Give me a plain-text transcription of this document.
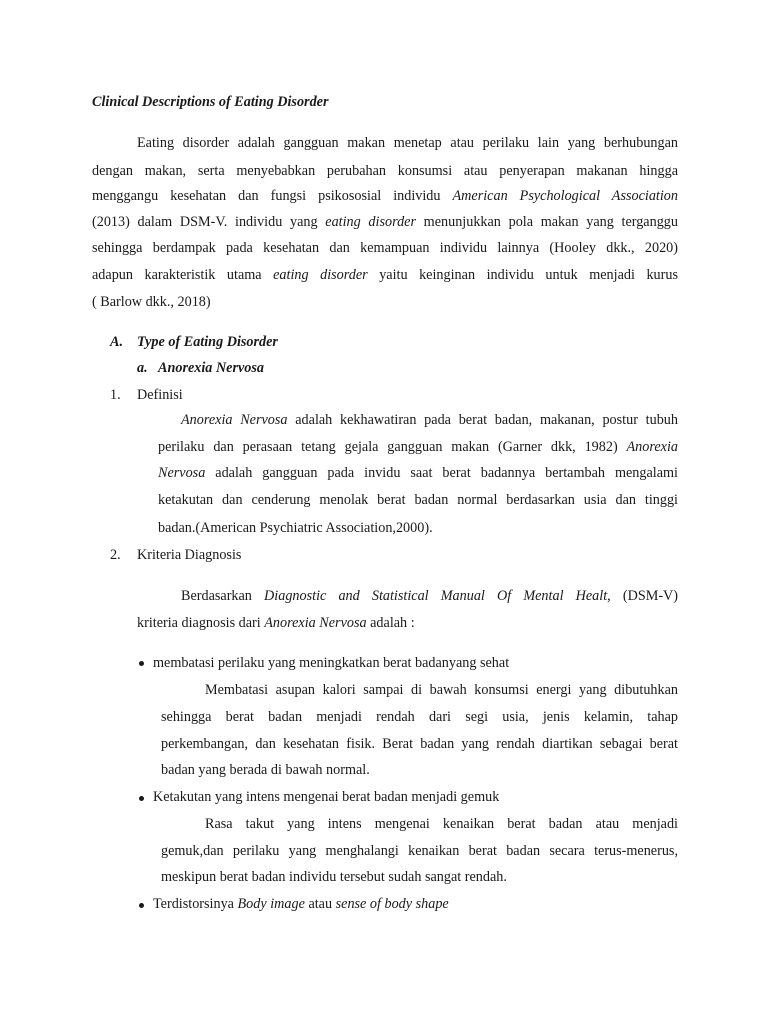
Clinical Descriptions of Eating Disorder
Eating disorder adalah gangguan makan menetap atau perilaku lain yang berhubungan
dengan makan, serta menyebabkan perubahan konsumsi atau penyerapan makanan hingga
menggangu kesehatan dan fungsi psikososial individu American Psychological Association
(2013) dalam DSM-V. individu yang eating disorder menunjukkan pola makan yang terganggu
sehingga berdampak pada kesehatan dan kemampuan individu lainnya (Hooley dkk., 2020)
adapun karakteristik utama eating disorder yaitu keinginan individu untuk menjadi kurus
( Barlow dkk., 2018)
A. Type of Eating Disorder
a. Anorexia Nervosa
1. Definisi
Anorexia Nervosa adalah kekhawatiran pada berat badan, makanan, postur tubuh
perilaku dan perasaan tetang gejala gangguan makan (Garner dkk, 1982) Anorexia
Nervosa adalah gangguan pada invidu saat berat badannya bertambah mengalami
ketakutan dan cenderung menolak berat badan normal berdasarkan usia dan tinggi
badan.(American Psychiatric Association,2000).
2. Kriteria Diagnosis
Berdasarkan Diagnostic and Statistical Manual Of Mental Healt, (DSM-V)
kriteria diagnosis dari Anorexia Nervosa adalah :
membatasi perilaku yang meningkatkan berat badanyang sehat
Membatasi asupan kalori sampai di bawah konsumsi energi yang dibutuhkan
sehingga berat badan menjadi rendah dari segi usia, jenis kelamin, tahap
perkembangan, dan kesehatan fisik. Berat badan yang rendah diartikan sebagai berat
badan yang berada di bawah normal.
Ketakutan yang intens mengenai berat badan menjadi gemuk
Rasa takut yang intens mengenai kenaikan berat badan atau menjadi
gemuk,dan perilaku yang menghalangi kenaikan berat badan secara terus-menerus,
meskipun berat badan individu tersebut sudah sangat rendah.
Terdistorsinya Body image atau sense of body shape
